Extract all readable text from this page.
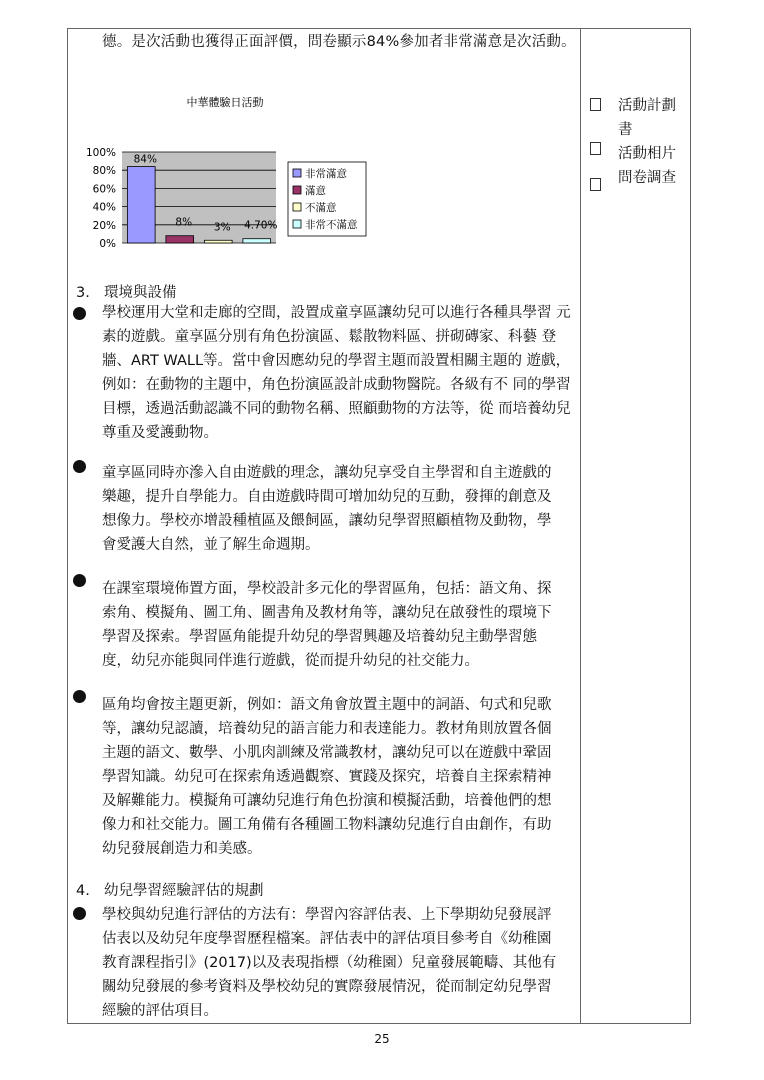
德。是次活動也獲得正面評價，問卷顯示84%參加者非常滿意是次活動。
中華體驗日活動
0%
20%
40%
60%
80%
100%
84%
8% 3% 4.70%
非常滿意
滿意
不滿意
非常不滿意
3. 環境與設備
學校運用大堂和走廊的空間，設置成童享區讓幼兒可以進行各種具學習 元
素的遊戲。童享區分別有角色扮演區、鬆散物料區、拼砌磚家、科藝 登
牆、ART WALL等。當中會因應幼兒的學習主題而設置相關主題的 遊戲，
例如：在動物的主題中，角色扮演區設計成動物醫院。各級有不 同的學習
目標，透過活動認識不同的動物名稱、照顧動物的方法等，從 而培養幼兒
尊重及愛護動物。
童享區同時亦滲入自由遊戲的理念，讓幼兒享受自主學習和自主遊戲的
樂趣，提升自學能力。自由遊戲時間可增加幼兒的互動，發揮的創意及
想像力。學校亦增設種植區及餵飼區，讓幼兒學習照顧植物及動物，學
會愛護大自然，並了解生命週期。
在課室環境佈置方面，學校設計多元化的學習區角，包括：語文角、探
索角、模擬角、圖工角、圖書角及教材角等，讓幼兒在啟發性的環境下
學習及探索。學習區角能提升幼兒的學習興趣及培養幼兒主動學習態
度，幼兒亦能與同伴進行遊戲，從而提升幼兒的社交能力。
區角均會按主題更新，例如：語文角會放置主題中的詞語、句式和兒歌
等，讓幼兒認讀，培養幼兒的語言能力和表達能力。教材角則放置各個
主題的語文、數學、小肌肉訓練及常識教材，讓幼兒可以在遊戲中鞏固
學習知識。幼兒可在探索角透過觀察、實踐及探究，培養自主探索精神
及解難能力。模擬角可讓幼兒進行角色扮演和模擬活動，培養他們的想
像力和社交能力。圖工角備有各種圖工物料讓幼兒進行自由創作，有助
幼兒發展創造力和美感。
4. 幼兒學習經驗評估的規劃
學校與幼兒進行評估的方法有：學習內容評估表、上下學期幼兒發展評
估表以及幼兒年度學習歷程檔案。評估表中的評估項目參考自《幼稚園
教育課程指引》(2017)以及表現指標（幼稚園）兒童發展範疇、其他有
關幼兒發展的參考資料及學校幼兒的實際發展情況，從而制定幼兒學習
經驗的評估項目。
活動計劃
書
活動相片
問卷調查
25
